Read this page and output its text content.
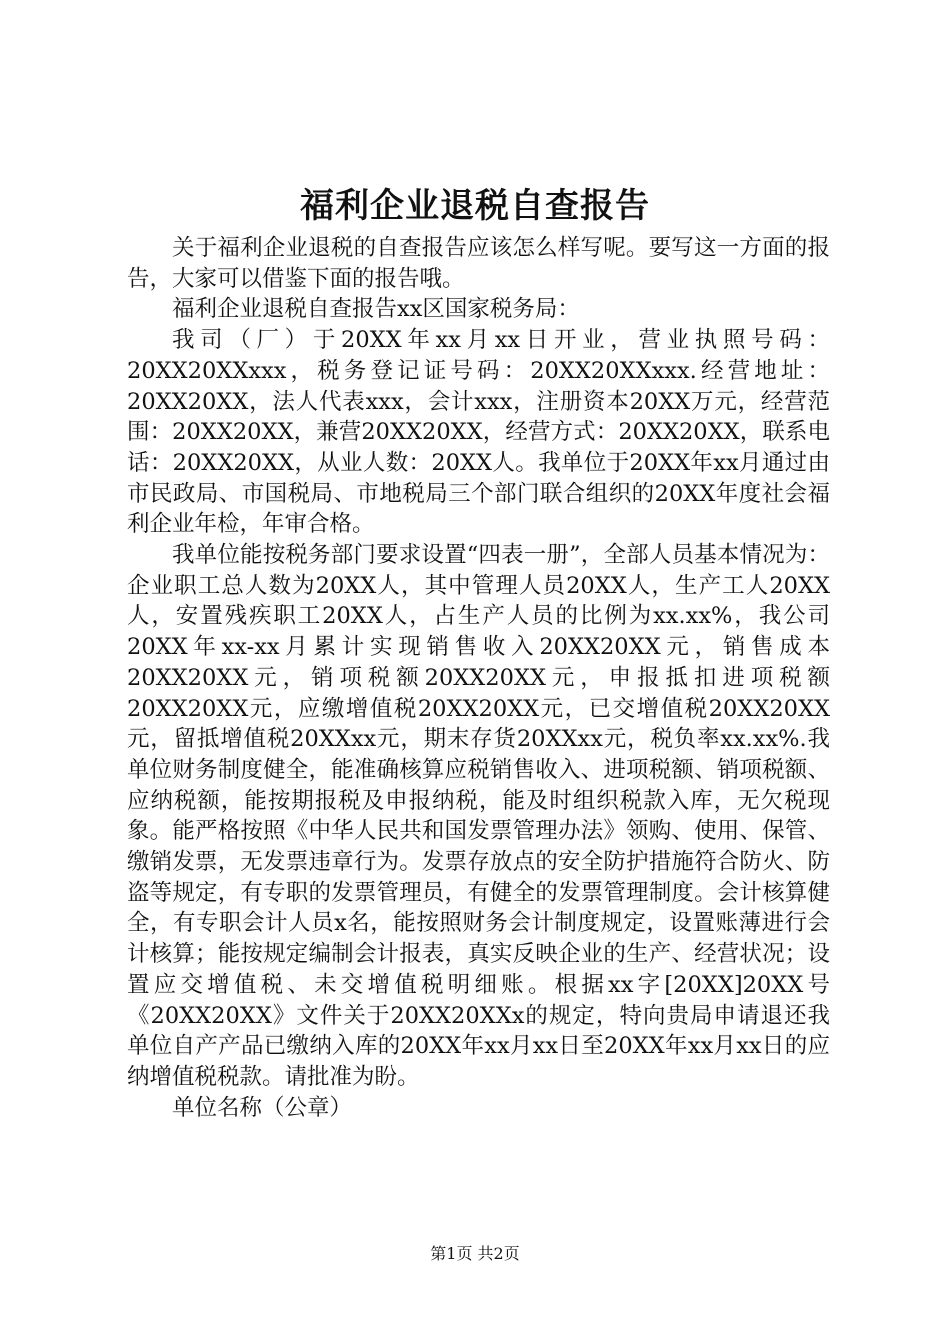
福利企业退税自查报告

关于福利企业退税的自查报告应该怎么样写呢。要写这一方面的报告，大家可以借鉴下面的报告哦。

福利企业退税自查报告xx区国家税务局：

我司（厂）于20XX年xx月xx日开业，营业执照号码：20XX20XXxxx，税务登记证号码：20XX20XXxxx.经营地址：20XX20XX，法人代表xxx，会计xxx，注册资本20XX万元，经营范围：20XX20XX，兼营20XX20XX，经营方式：20XX20XX，联系电话：20XX20XX，从业人数：20XX人。我单位于20XX年xx月通过由市民政局、市国税局、市地税局三个部门联合组织的20XX年度社会福利企业年检，年审合格。

我单位能按税务部门要求设置“四表一册”，全部人员基本情况为：企业职工总人数为20XX人，其中管理人员20XX人，生产工人20XX人，安置残疾职工20XX人，占生产人员的比例为xx.xx%，我公司20XX年xx-xx月累计实现销售收入20XX20XX元，销售成本20XX20XX元，销项税额20XX20XX元，申报抵扣进项税额20XX20XX元，应缴增值税20XX20XX元，已交增值税20XX20XX元，留抵增值税20XXxx元，期末存货20XXxx元，税负率xx.xx%.我单位财务制度健全，能准确核算应税销售收入、进项税额、销项税额、应纳税额，能按期报税及申报纳税，能及时组织税款入库，无欠税现象。能严格按照《中华人民共和国发票管理办法》领购、使用、保管、缴销发票，无发票违章行为。发票存放点的安全防护措施符合防火、防盗等规定，有专职的发票管理员，有健全的发票管理制度。会计核算健全，有专职会计人员x名，能按照财务会计制度规定，设置账薄进行会计核算；能按规定编制会计报表，真实反映企业的生产、经营状况；设置应交增值税、未交增值税明细账。根据xx字[20XX]20XX号《20XX20XX》文件关于20XX20XXx的规定，特向贵局申请退还我单位自产产品已缴纳入库的20XX年xx月xx日至20XX年xx月xx日的应纳增值税税款。请批准为盼。

单位名称（公章）

第1页 共2页
